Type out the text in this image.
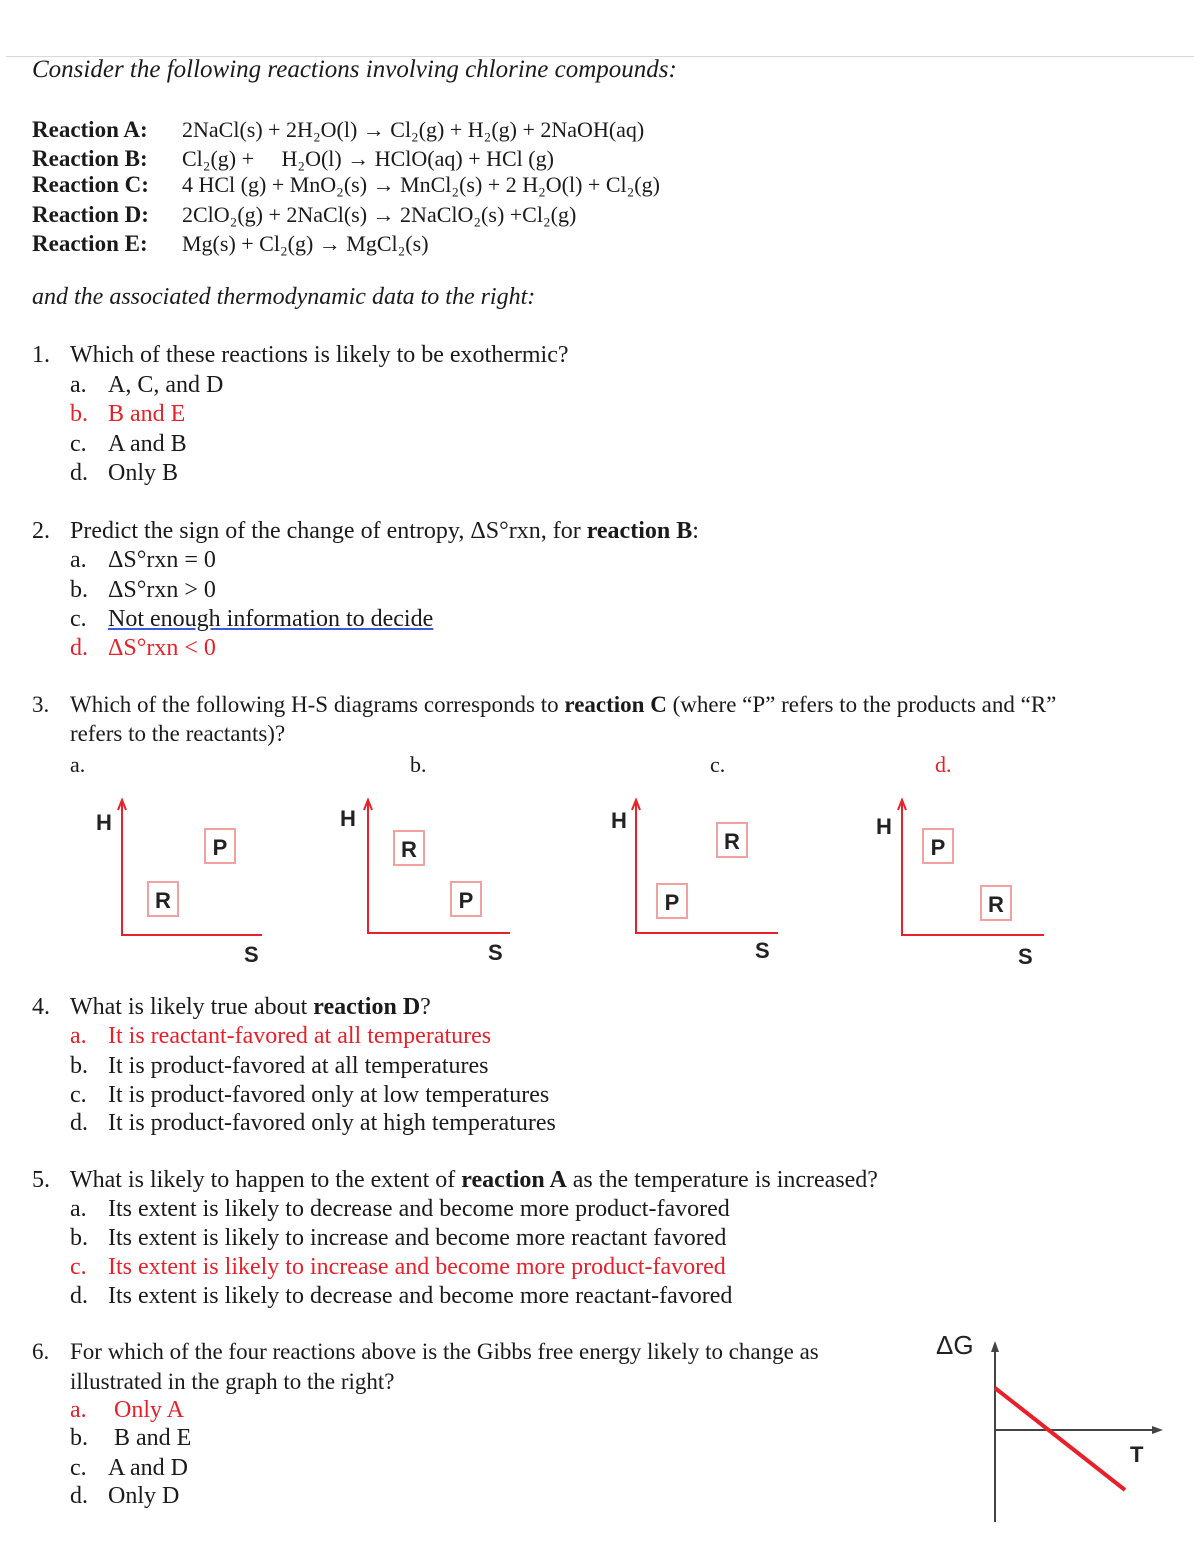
Consider the following reactions involving chlorine compounds:
Reaction A: 2NaCl(s) + 2H₂O(l) → Cl₂(g) + H₂(g) + 2NaOH(aq)
Reaction B: Cl₂(g) +     H₂O(l) → HClO(aq) + HCl (g)
Reaction C: 4 HCl (g) + MnO₂(s) → MnCl₂(s) + 2 H₂O(l) + Cl₂(g)
Reaction D: 2ClO₂(g) + 2NaCl(s) → 2NaClO₂(s) +Cl₂(g)
Reaction E: Mg(s) + Cl₂(g) → MgCl₂(s)
and the associated thermodynamic data to the right:
1. Which of these reactions is likely to be exothermic?
a. A, C, and D
b. B and E
c. A and B
d. Only B
2. Predict the sign of the change of entropy, ΔS°rxn, for reaction B:
a. ΔS°rxn = 0
b. ΔS°rxn > 0
c. Not enough information to decide
d. ΔS°rxn < 0
3. Which of the following H-S diagrams corresponds to reaction C (where “P” refers to the products and “R”
refers to the reactants)?
a.	b.	c.	d.
H
S
P
R
H
S
R
P
H
S
R
P
H
S
P
R
4. What is likely true about reaction D?
a. It is reactant-favored at all temperatures
b. It is product-favored at all temperatures
c. It is product-favored only at low temperatures
d. It is product-favored only at high temperatures
5. What is likely to happen to the extent of reaction A as the temperature is increased?
a. Its extent is likely to decrease and become more product-favored
b. Its extent is likely to increase and become more reactant favored
c. Its extent is likely to increase and become more product-favored
d. Its extent is likely to decrease and become more reactant-favored
6. For which of the four reactions above is the Gibbs free energy likely to change as
illustrated in the graph to the right?
a. Only A
b. B and E
c. A and D
d. Only D
ΔG
T
